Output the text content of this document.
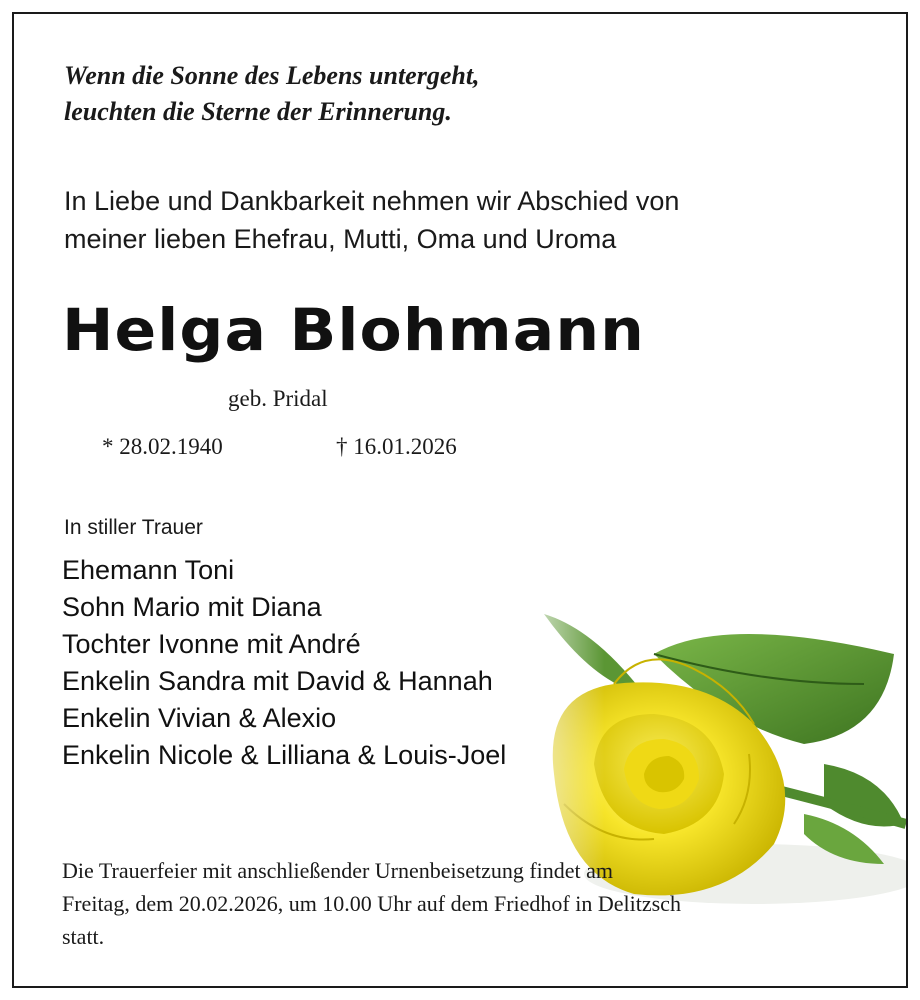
Wenn die Sonne des Lebens untergeht,
leuchten die Sterne der Erinnerung.
In Liebe und Dankbarkeit nehmen wir Abschied von
meiner lieben Ehefrau, Mutti, Oma und Uroma
Helga Blohmann
geb. Pridal
* 28.02.1940	† 16.01.2026
In stiller Trauer
Ehemann Toni
Sohn Mario mit Diana
Tochter Ivonne mit André
Enkelin Sandra mit David & Hannah
Enkelin Vivian & Alexio
Enkelin Nicole & Lilliana & Louis-Joel
Die Trauerfeier mit anschließender Urnenbeisetzung findet am
Freitag, dem 20.02.2026, um 10.00 Uhr auf dem Friedhof in Delitzsch
statt.
